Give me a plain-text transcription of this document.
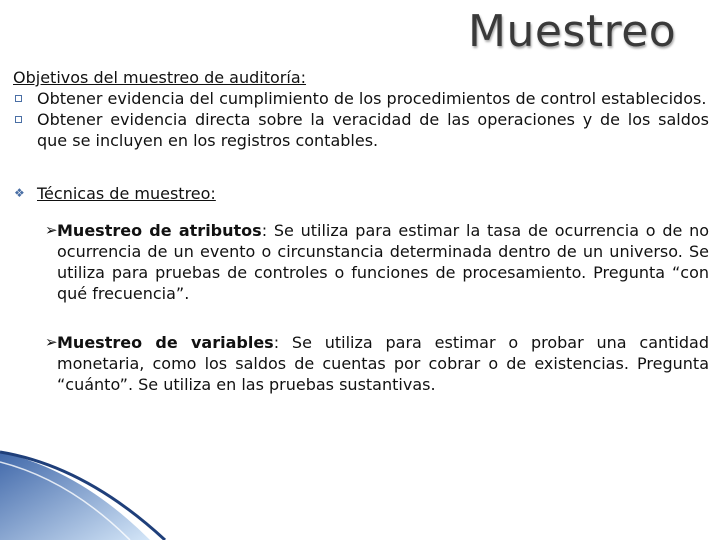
Muestreo
Objetivos del muestreo de auditoría:
Obtener evidencia del cumplimiento de los procedimientos de control establecidos.
Obtener evidencia directa sobre la veracidad de las operaciones y de los saldos que se incluyen en los registros contables.
❖ Técnicas de muestreo:
➢ Muestreo de atributos: Se utiliza para estimar la tasa de ocurrencia o de no ocurrencia de un evento o circunstancia determinada dentro de un universo. Se utiliza para pruebas de controles o funciones de procesamiento. Pregunta “con qué frecuencia”.
➢ Muestreo de variables: Se utiliza para estimar o probar una cantidad monetaria, como los saldos de cuentas por cobrar o de existencias. Pregunta “cuánto”. Se utiliza en las pruebas sustantivas.
